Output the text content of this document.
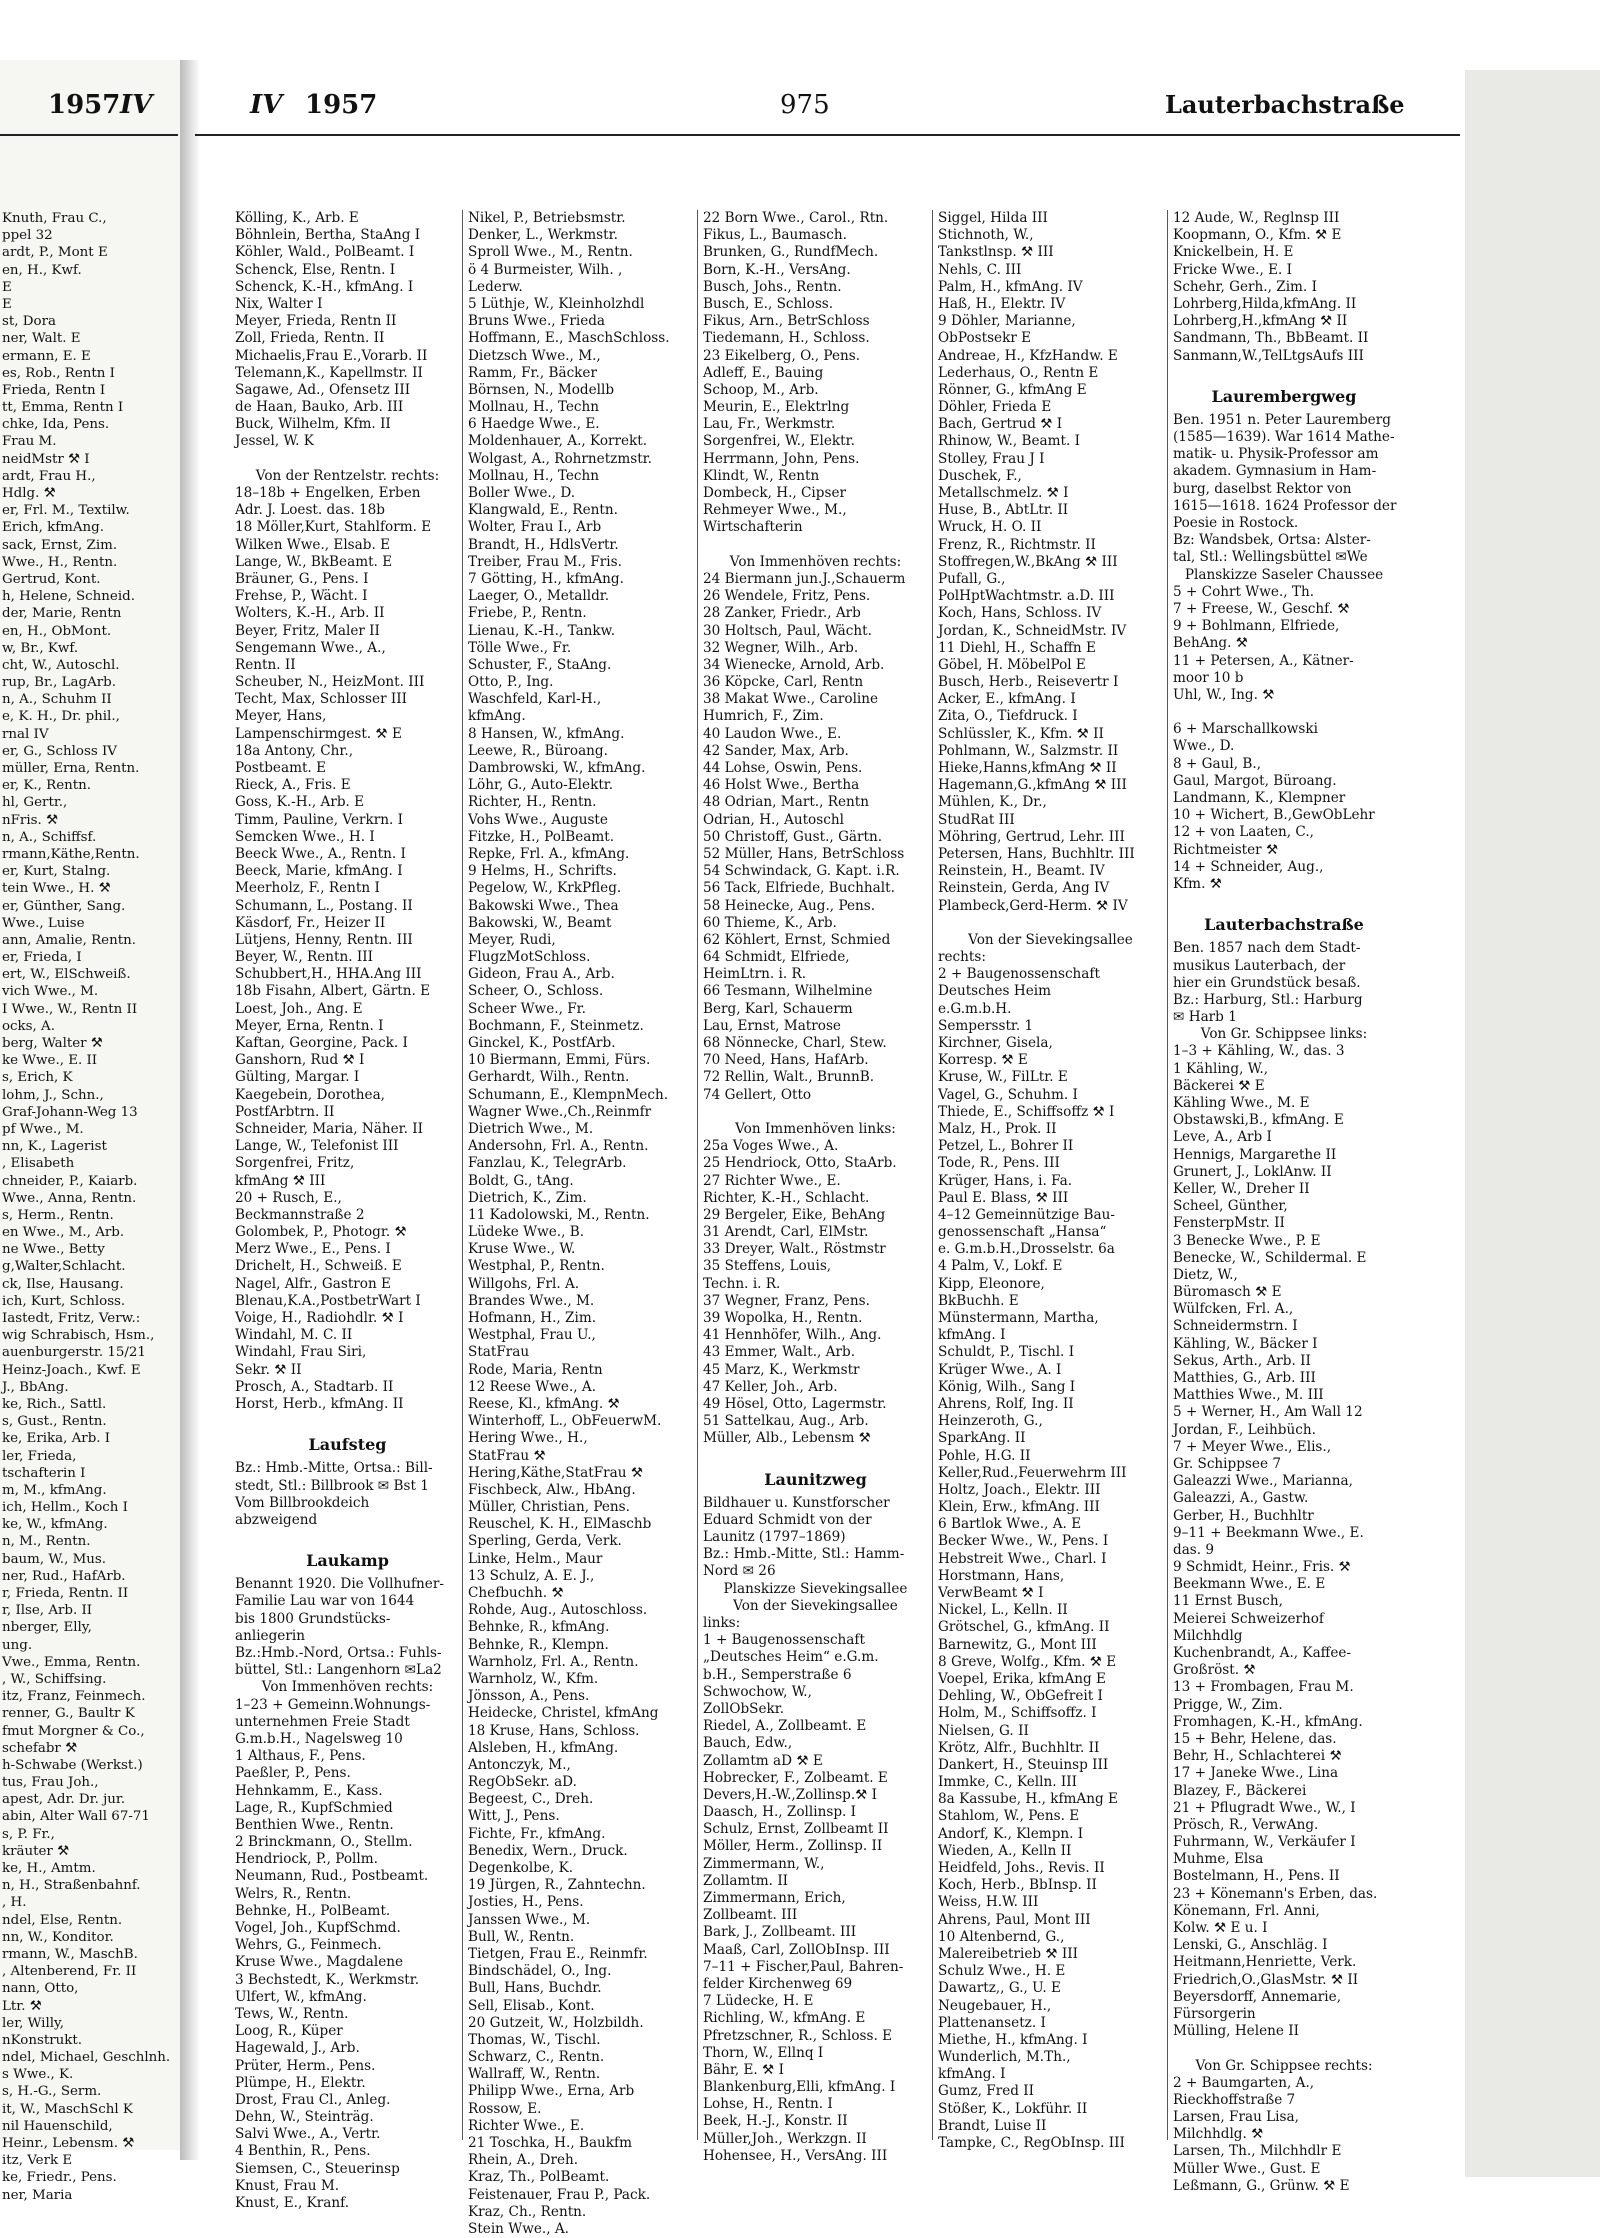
Knuth, Frau C.,
ppel 32
ardt, P., Mont E
en, H., Kwf.
E
E
st, Dora
ner, Walt. E
ermann, E. E
es, Rob., Rentn I
Frieda, Rentn I
tt, Emma, Rentn I
chke, Ida, Pens.
Frau M.
neidMstr ⚒ I
ardt, Frau H.,
Hdlg. ⚒
er, Frl. M., Textilw.
Erich, kfmAng.
sack, Ernst, Zim.
Wwe., H., Rentn.
Gertrud, Kont.
h, Helene, Schneid.
der, Marie, Rentn
en, H., ObMont.
w, Br., Kwf.
cht, W., Autoschl.
rup, Br., LagArb.
n, A., Schuhm II
e, K. H., Dr. phil.,
rnal IV
er, G., Schloss IV
müller, Erna, Rentn.
er, K., Rentn.
hl, Gertr.,
nFris. ⚒
n, A., Schiffsf.
rmann,Käthe,Rentn.
er, Kurt, Stalng.
tein Wwe., H. ⚒
er, Günther, Sang.
Wwe., Luise
ann, Amalie, Rentn.
er, Frieda, I
ert, W., ElSchweiß.
vich Wwe., M.
I Wwe., W., Rentn II
ocks, A.
berg, Walter ⚒
ke Wwe., E. II
s, Erich, K
lohm, J., Schn.,
Graf-Johann-Weg 13
pf Wwe., M.
nn, K., Lagerist
, Elisabeth
chneider, P., Kaiarb.
Wwe., Anna, Rentn.
s, Herm., Rentn.
en Wwe., M., Arb.
ne Wwe., Betty
g,Walter,Schlacht.
ck, Ilse, Hausang.
ich, Kurt, Schloss.
Iastedt, Fritz, Verw.:
wig Schrabisch, Hsm.,
auenburgerstr. 15/21
Heinz-Joach., Kwf. E
J., BbAng.
ke, Rich., Sattl.
s, Gust., Rentn.
ke, Erika, Arb. I
ler, Frieda,
tschafterin I
m, M., kfmAng.
ich, Hellm., Koch I
ke, W., kfmAng.
n, M., Rentn.
baum, W., Mus.
ner, Rud., HafArb.
r, Frieda, Rentn. II
r, Ilse, Arb. II
nberger, Elly,
ung.
Vwe., Emma, Rentn.
, W., Schiffsing.
itz, Franz, Feinmech.
renner, G., Baultr K
fmut Morgner & Co.,
schefabr ⚒
h-Schwabe (Werkst.)
tus, Frau Joh.,
apest, Adr. Dr. jur.
abin, Alter Wall 67-71
s, P. Fr.,
kräuter ⚒
ke, H., Amtm.
n, H., Straßenbahnf.
, H.
ndel, Else, Rentn.
nn, W., Konditor.
rmann, W., MaschB.
, Altenberend, Fr. II
nann, Otto,
Ltr. ⚒
ler, Willy,
nKonstrukt.
ndel, Michael, Geschlnh.
s Wwe., K.
s, H.-G., Serm.
it, W., MaschSchl K
nil Hauenschild,
Heinr., Lebensm. ⚒
itz, Verk E
ke, Friedr., Pens.
ner, Maria
1957 IV	IV 1957	975	Lauterbachstraße
Kölling, K., Arb. E
Böhnlein, Bertha, StaAng I
Köhler, Wald., PolBeamt. I
Schenck, Else, Rentn. I
Schenck, K.-H., kfmAng. I
Nix, Walter I
Meyer, Frieda, Rentn II
Zoll, Frieda, Rentn. II
Michaelis,Frau E.,Vorarb. II
Telemann,K., Kapellmstr. II
Sagawe, Ad., Ofensetz III
de Haan, Bauko, Arb. III
Buck, Wilhelm, Kfm. II
Jessel, W. K
Von der Rentzelstr. rechts:
18–18b + Engelken, Erben
Adr. J. Loest. das. 18b
18 Möller,Kurt, Stahlform. E
Wilken Wwe., Elsab. E
Lange, W., BkBeamt. E
Bräuner, G., Pens. I
Frehse, P., Wächt. I
Wolters, K.-H., Arb. II
Beyer, Fritz, Maler II
Sengemann Wwe., A.,
Rentn. II
Scheuber, N., HeizMont. III
Techt, Max, Schlosser III
Meyer, Hans,
Lampenschirmgest. ⚒ E
18a Antony, Chr.,
Postbeamt. E
Rieck, A., Fris. E
Goss, K.-H., Arb. E
Timm, Pauline, Verkrn. I
Semcken Wwe., H. I
Beeck Wwe., A., Rentn. I
Beeck, Marie, kfmAng. I
Meerholz, F., Rentn I
Schumann, L., Postang. II
Käsdorf, Fr., Heizer II
Lütjens, Henny, Rentn. III
Beyer, W., Rentn. III
Schubbert,H., HHA.Ang III
18b Fisahn, Albert, Gärtn. E
Loest, Joh., Ang. E
Meyer, Erna, Rentn. I
Kaftan, Georgine, Pack. I
Ganshorn, Rud ⚒ I
Gülting, Margar. I
Kaegebein, Dorothea,
PostfArbtrn. II
Schneider, Maria, Näher. II
Lange, W., Telefonist III
Sorgenfrei, Fritz,
kfmAng ⚒ III
20 + Rusch, E.,
Beckmannstraße 2
Golombek, P., Photogr. ⚒
Merz Wwe., E., Pens. I
Drichelt, H., Schweiß. E
Nagel, Alfr., Gastron E
Blenau,K.A.,PostbetrWart I
Voige, H., Radiohdlr. ⚒ I
Windahl, M. C. II
Windahl, Frau Siri,
Sekr. ⚒ II
Prosch, A., Stadtarb. II
Horst, Herb., kfmAng. II
Laufsteg
Bz.: Hmb.-Mitte, Ortsa.: Bill-
stedt, Stl.: Billbrook ✉ Bst 1
Vom Billbrookdeich
abzweigend
Laukamp
Benannt 1920. Die Vollhufner-
Familie Lau war von 1644
bis 1800 Grundstücks-
anliegerin
Bz.:Hmb.-Nord, Ortsa.: Fuhls-
büttel, Stl.: Langenhorn ✉La2
Von Immenhöven rechts:
1–23 + Gemeinn.Wohnungs-
unternehmen Freie Stadt
G.m.b.H., Nagelsweg 10
1 Althaus, F., Pens.
Paeßler, P., Pens.
Hehnkamm, E., Kass.
Lage, R., KupfSchmied
Benthien Wwe., Rentn.
2 Brinckmann, O., Stellm.
Hendriock, P., Pollm.
Neumann, Rud., Postbeamt.
Welrs, R., Rentn.
Behnke, H., PolBeamt.
Vogel, Joh., KupfSchmd.
Wehrs, G., Feinmech.
Kruse Wwe., Magdalene
3 Bechstedt, K., Werkmstr.
Ulfert, W., kfmAng.
Tews, W., Rentn.
Loog, R., Küper
Hagewald, J., Arb.
Prüter, Herm., Pens.
Plümpe, H., Elektr.
Drost, Frau Cl., Anleg.
Dehn, W., Steinträg.
Salvi Wwe., A., Vertr.
4 Benthin, R., Pens.
Siemsen, C., Steuerinsp
Knust, Frau M.
Knust, E., Kranf.
Nikel, P., Betriebsmstr.
Denker, L., Werkmstr.
Sproll Wwe., M., Rentn.
ö 4 Burmeister, Wilh. ,
Lederw.
5 Lüthje, W., Kleinholzhdl
Bruns Wwe., Frieda
Hoffmann, E., MaschSchloss.
Dietzsch Wwe., M.,
Ramm, Fr., Bäcker
Börnsen, N., Modellb
Mollnau, H., Techn
6 Haedge Wwe., E.
Moldenhauer, A., Korrekt.
Wolgast, A., Rohrnetzmstr.
Mollnau, H., Techn
Boller Wwe., D.
Klangwald, E., Rentn.
Wolter, Frau I., Arb
Brandt, H., HdlsVertr.
Treiber, Frau M., Fris.
7 Götting, H., kfmAng.
Laeger, O., Metalldr.
Friebe, P., Rentn.
Lienau, K.-H., Tankw.
Tölle Wwe., Fr.
Schuster, F., StaAng.
Otto, P., Ing.
Waschfeld, Karl-H.,
kfmAng.
8 Hansen, W., kfmAng.
Leewe, R., Büroang.
Dambrowski, W., kfmAng.
Löhr, G., Auto-Elektr.
Richter, H., Rentn.
Vohs Wwe., Auguste
Fitzke, H., PolBeamt.
Repke, Frl. A., kfmAng.
9 Helms, H., Schrifts.
Pegelow, W., KrkPfleg.
Bakowski Wwe., Thea
Bakowski, W., Beamt
Meyer, Rudi,
FlugzMotSchloss.
Gideon, Frau A., Arb.
Scheer, O., Schloss.
Scheer Wwe., Fr.
Bochmann, F., Steinmetz.
Ginckel, K., PostfArb.
10 Biermann, Emmi, Fürs.
Gerhardt, Wilh., Rentn.
Schumann, E., KlempnMech.
Wagner Wwe.,Ch.,Reinmfr
Dietrich Wwe., M.
Andersohn, Frl. A., Rentn.
Fanzlau, K., TelegrArb.
Boldt, G., tAng.
Dietrich, K., Zim.
11 Kadolowski, M., Rentn.
Lüdeke Wwe., B.
Kruse Wwe., W.
Westphal, P., Rentn.
Willgohs, Frl. A.
Brandes Wwe., M.
Hofmann, H., Zim.
Westphal, Frau U.,
StatFrau
Rode, Maria, Rentn
12 Reese Wwe., A.
Reese, Kl., kfmAng. ⚒
Winterhoff, L., ObFeuerwM.
Hering Wwe., H.,
StatFrau ⚒
Hering,Käthe,StatFrau ⚒
Fischbeck, Alw., HbAng.
Müller, Christian, Pens.
Reuschel, K. H., ElMaschb
Sperling, Gerda, Verk.
Linke, Helm., Maur
13 Schulz, A. E. J.,
Chefbuchh. ⚒
Rohde, Aug., Autoschloss.
Behnke, R., kfmAng.
Behnke, R., Klempn.
Warnholz, Frl. A., Rentn.
Warnholz, W., Kfm.
Jönsson, A., Pens.
Heidecke, Christel, kfmAng
18 Kruse, Hans, Schloss.
Alsleben, H., kfmAng.
Antonczyk, M.,
RegObSekr. aD.
Begeest, C., Dreh.
Witt, J., Pens.
Fichte, Fr., kfmAng.
Benedix, Wern., Druck.
Degenkolbe, K.
19 Jürgen, R., Zahntechn.
Josties, H., Pens.
Janssen Wwe., M.
Bull, W., Rentn.
Tietgen, Frau E., Reinmfr.
Bindschädel, O., Ing.
Bull, Hans, Buchdr.
Sell, Elisab., Kont.
20 Gutzeit, W., Holzbildh.
Thomas, W., Tischl.
Schwarz, C., Rentn.
Wallraff, W., Rentn.
Philipp Wwe., Erna, Arb
Rossow, E.
Richter Wwe., E.
21 Toschka, H., Baukfm
Rhein, A., Dreh.
Kraz, Th., PolBeamt.
Feistenauer, Frau P., Pack.
Kraz, Ch., Rentn.
Stein Wwe., A.
22 Born Wwe., Carol., Rtn.
Fikus, L., Baumasch.
Brunken, G., RundfMech.
Born, K.-H., VersAng.
Busch, Johs., Rentn.
Busch, E., Schloss.
Fikus, Arn., BetrSchloss
Tiedemann, H., Schloss.
23 Eikelberg, O., Pens.
Adleff, E., Bauing
Schoop, M., Arb.
Meurin, E., Elektrlng
Lau, Fr., Werkmstr.
Sorgenfrei, W., Elektr.
Herrmann, John, Pens.
Klindt, W., Rentn
Dombeck, H., Cipser
Rehmeyer Wwe., M.,
Wirtschafterin
Von Immenhöven rechts:
24 Biermann jun.J.,Schauerm
26 Wendele, Fritz, Pens.
28 Zanker, Friedr., Arb
30 Holtsch, Paul, Wächt.
32 Wegner, Wilh., Arb.
34 Wienecke, Arnold, Arb.
36 Köpcke, Carl, Rentn
38 Makat Wwe., Caroline
Humrich, F., Zim.
40 Laudon Wwe., E.
42 Sander, Max, Arb.
44 Lohse, Oswin, Pens.
46 Holst Wwe., Bertha
48 Odrian, Mart., Rentn
Odrian, H., Autoschl
50 Christoff, Gust., Gärtn.
52 Müller, Hans, BetrSchloss
54 Schwindack, G. Kapt. i.R.
56 Tack, Elfriede, Buchhalt.
58 Heinecke, Aug., Pens.
60 Thieme, K., Arb.
62 Köhlert, Ernst, Schmied
64 Schmidt, Elfriede,
HeimLtrn. i. R.
66 Tesmann, Wilhelmine
Berg, Karl, Schauerm
Lau, Ernst, Matrose
68 Nönnecke, Charl, Stew.
70 Need, Hans, HafArb.
72 Rellin, Walt., BrunnB.
74 Gellert, Otto
Von Immenhöven links:
25a Voges Wwe., A.
25 Hendriock, Otto, StaArb.
27 Richter Wwe., E.
Richter, K.-H., Schlacht.
29 Bergeler, Eike, BehAng
31 Arendt, Carl, ElMstr.
33 Dreyer, Walt., Röstmstr
35 Steffens, Louis,
Techn. i. R.
37 Wegner, Franz, Pens.
39 Wopolka, H., Rentn.
41 Hennhöfer, Wilh., Ang.
43 Emmer, Walt., Arb.
45 Marz, K., Werkmstr
47 Keller, Joh., Arb.
49 Hösel, Otto, Lagermstr.
51 Sattelkau, Aug., Arb.
Müller, Alb., Lebensm ⚒
Launitzweg
Bildhauer u. Kunstforscher
Eduard Schmidt von der
Launitz (1797–1869)
Bz.: Hmb.-Mitte, Stl.: Hamm-
Nord ✉ 26
Planskizze Sievekingsallee
Von der Sievekingsallee
links:
1 + Baugenossenschaft
„Deutsches Heim“ e.G.m.
b.H., Semperstraße 6
Schwochow, W.,
ZollObSekr.
Riedel, A., Zollbeamt. E
Bauch, Edw.,
Zollamtm aD ⚒ E
Hobrecker, F., Zolbeamt. E
Devers,H.-W.,Zollinsp.⚒ I
Daasch, H., Zollinsp. I
Schulz, Ernst, Zollbeamt II
Möller, Herm., Zollinsp. II
Zimmermann, W.,
Zollamtm. II
Zimmermann, Erich,
Zollbeamt. III
Bark, J., Zollbeamt. III
Maaß, Carl, ZollObInsp. III
7–11 + Fischer,Paul, Bahren-
felder Kirchenweg 69
7 Lüdecke, H. E
Richling, W., kfmAng. E
Pfretzschner, R., Schloss. E
Thorn, W., Ellnq I
Bähr, E. ⚒ I
Blankenburg,Elli, kfmAng. I
Lohse, H., Rentn. I
Beek, H.-J., Konstr. II
Müller,Joh., Werkzgn. II
Hohensee, H., VersAng. III
Siggel, Hilda III
Stichnoth, W.,
Tankstlnsp. ⚒ III
Nehls, C. III
Palm, H., kfmAng. IV
Haß, H., Elektr. IV
9 Döhler, Marianne,
ObPostsekr E
Andreae, H., KfzHandw. E
Lederhaus, O., Rentn E
Rönner, G., kfmAng E
Döhler, Frieda E
Bach, Gertrud ⚒ I
Rhinow, W., Beamt. I
Stolley, Frau J I
Duschek, F.,
Metallschmelz. ⚒ I
Huse, B., AbtLtr. II
Wruck, H. O. II
Frenz, R., Richtmstr. II
Stoffregen,W.,BkAng ⚒ III
Pufall, G.,
PolHptWachtmstr. a.D. III
Koch, Hans, Schloss. IV
Jordan, K., SchneidMstr. IV
11 Diehl, H., Schaffn E
Göbel, H. MöbelPol E
Busch, Herb., Reisevertr I
Acker, E., kfmAng. I
Zita, O., Tiefdruck. I
Schlüssler, K., Kfm. ⚒ II
Pohlmann, W., Salzmstr. II
Hieke,Hanns,kfmAng ⚒ II
Hagemann,G.,kfmAng ⚒ III
Mühlen, K., Dr.,
StudRat III
Möhring, Gertrud, Lehr. III
Petersen, Hans, Buchhltr. III
Reinstein, H., Beamt. IV
Reinstein, Gerda, Ang IV
Plambeck,Gerd-Herm. ⚒ IV
Von der Sievekingsallee
rechts:
2 + Baugenossenschaft
Deutsches Heim
e.G.m.b.H.
Sempersstr. 1
Kirchner, Gisela,
Korresp. ⚒ E
Kruse, W., FilLtr. E
Vagel, G., Schuhm. I
Thiede, E., Schiffsoffz ⚒ I
Malz, H., Prok. II
Petzel, L., Bohrer II
Tode, R., Pens. III
Krüger, Hans, i. Fa.
Paul E. Blass, ⚒ III
4–12 Gemeinnützige Bau-
genossenschaft „Hansa“
e. G.m.b.H.,Drosselstr. 6a
4 Palm, V., Lokf. E
Kipp, Eleonore,
BkBuchh. E
Münstermann, Martha,
kfmAng. I
Schuldt, P., Tischl. I
Krüger Wwe., A. I
König, Wilh., Sang I
Ahrens, Rolf, Ing. II
Heinzeroth, G.,
SparkAng. II
Pohle, H.G. II
Keller,Rud.,Feuerwehrm III
Holtz, Joach., Elektr. III
Klein, Erw., kfmAng. III
6 Bartlok Wwe., A. E
Becker Wwe., W., Pens. I
Hebstreit Wwe., Charl. I
Horstmann, Hans,
VerwBeamt ⚒ I
Nickel, L., Kelln. II
Grötschel, G., kfmAng. II
Barnewitz, G., Mont III
8 Greve, Wolfg., Kfm. ⚒ E
Voepel, Erika, kfmAng E
Dehling, W., ObGefreit I
Holm, M., Schiffsoffz. I
Nielsen, G. II
Krötz, Alfr., Buchhltr. II
Dankert, H., Steuinsp III
Immke, C., Kelln. III
8a Kassube, H., kfmAng E
Stahlom, W., Pens. E
Andorf, K., Klempn. I
Wieden, A., Kelln II
Heidfeld, Johs., Revis. II
Koch, Herb., BbInsp. II
Weiss, H.W. III
Ahrens, Paul, Mont III
10 Altenbernd, G.,
Malereibetrieb ⚒ III
Schulz Wwe., H. E
Dawartz,, G., U. E
Neugebauer, H.,
Plattenansetz. I
Miethe, H., kfmAng. I
Wunderlich, M.Th.,
kfmAng. I
Gumz, Fred II
Stößer, K., Lokführ. II
Brandt, Luise II
Tampke, C., RegObInsp. III
12 Aude, W., Reglnsp III
Koopmann, O., Kfm. ⚒ E
Knickelbein, H. E
Fricke Wwe., E. I
Schehr, Gerh., Zim. I
Lohrberg,Hilda,kfmAng. II
Lohrberg,H.,kfmAng ⚒ II
Sandmann, Th., BbBeamt. II
Sanmann,W.,TelLtgsAufs III
Laurembergweg
Ben. 1951 n. Peter Lauremberg
(1585—1639). War 1614 Mathe-
matik- u. Physik-Professor am
akadem. Gymnasium in Ham-
burg, daselbst Rektor von
1615—1618. 1624 Professor der
Poesie in Rostock.
Bz: Wandsbek, Ortsa: Alster-
tal, Stl.: Wellingsbüttel ✉We
Planskizze Saseler Chaussee
5 + Cohrt Wwe., Th.
7 + Freese, W., Geschf. ⚒
9 + Bohlmann, Elfriede,
BehAng. ⚒
11 + Petersen, A., Kätner-
moor 10 b
Uhl, W., Ing. ⚒
6 + Marschallkowski
Wwe., D.
8 + Gaul, B.,
Gaul, Margot, Büroang.
Landmann, K., Klempner
10 + Wichert, B.,GewObLehr
12 + von Laaten, C.,
Richtmeister ⚒
14 + Schneider, Aug.,
Kfm. ⚒
Lauterbachstraße
Ben. 1857 nach dem Stadt-
musikus Lauterbach, der
hier ein Grundstück besaß.
Bz.: Harburg, Stl.: Harburg
✉ Harb 1
Von Gr. Schippsee links:
1–3 + Kähling, W., das. 3
1 Kähling, W.,
Bäckerei ⚒ E
Kähling Wwe., M. E
Obstawski,B., kfmAng. E
Leve, A., Arb I
Hennigs, Margarethe II
Grunert, J., LoklAnw. II
Keller, W., Dreher II
Scheel, Günther,
FensterpMstr. II
3 Benecke Wwe., P. E
Benecke, W., Schildermal. E
Dietz, W.,
Büromasch ⚒ E
Wülfcken, Frl. A.,
Schneidermstrn. I
Kähling, W., Bäcker I
Sekus, Arth., Arb. II
Matthies, G., Arb. III
Matthies Wwe., M. III
5 + Werner, H., Am Wall 12
Jordan, F., Leihbüch.
7 + Meyer Wwe., Elis.,
Gr. Schippsee 7
Galeazzi Wwe., Marianna,
Galeazzi, A., Gastw.
Gerber, H., Buchhltr
9–11 + Beekmann Wwe., E.
das. 9
9 Schmidt, Heinr., Fris. ⚒
Beekmann Wwe., E. E
11 Ernst Busch,
Meierei Schweizerhof
Milchhdlg
Kuchenbrandt, A., Kaffee-
Großröst. ⚒
13 + Frombagen, Frau M.
Prigge, W., Zim.
Fromhagen, K.-H., kfmAng.
15 + Behr, Helene, das.
Behr, H., Schlachterei ⚒
17 + Janeke Wwe., Lina
Blazey, F., Bäckerei
21 + Pflugradt Wwe., W., I
Prösch, R., VerwAng.
Fuhrmann, W., Verkäufer I
Muhme, Elsa
Bostelmann, H., Pens. II
23 + Könemann's Erben, das.
Könemann, Frl. Anni,
Kolw. ⚒ E u. I
Lenski, G., Anschläg. I
Heitmann,Henriette, Verk.
Friedrich,O.,GlasMstr. ⚒ II
Beyersdorff, Annemarie,
Fürsorgerin
Mülling, Helene II
Von Gr. Schippsee rechts:
2 + Baumgarten, A.,
Rieckhoffstraße 7
Larsen, Frau Lisa,
Milchhdlg. ⚒
Larsen, Th., Milchhdlr E
Müller Wwe., Gust. E
Leßmann, G., Grünw. ⚒ E
